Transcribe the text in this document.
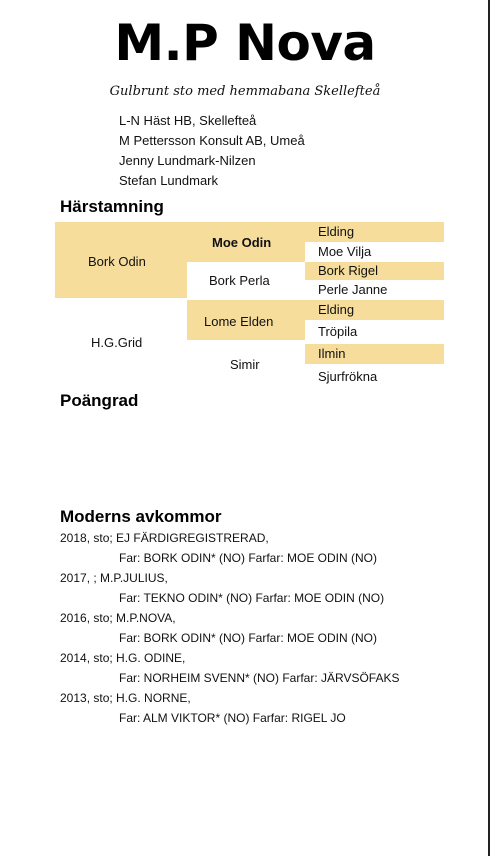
M.P Nova
Gulbrunt sto med hemmabana Skellefteå
L-N Häst HB, Skellefteå
M Pettersson Konsult AB, Umeå
Jenny Lundmark-Nilzen
Stefan Lundmark
Härstamning
Bork Odin
H.G.Grid
Moe Odin
Bork Perla
Lome Elden
Simir
Elding
Moe Vilja
Bork Rigel
Perle Janne
Elding
Tröpila
Ilmin
Sjurfrökna
Poängrad
Moderns avkommor
2018, sto; EJ FÄRDIGREGISTRERAD,
Far: BORK ODIN* (NO) Farfar: MOE ODIN (NO)
2017, ; M.P.JULIUS,
Far: TEKNO ODIN* (NO) Farfar: MOE ODIN (NO)
2016, sto; M.P.NOVA,
Far: BORK ODIN* (NO) Farfar: MOE ODIN (NO)
2014, sto; H.G. ODINE,
Far: NORHEIM SVENN* (NO) Farfar: JÄRVSÖFAKS
2013, sto; H.G. NORNE,
Far: ALM VIKTOR* (NO) Farfar: RIGEL JO
